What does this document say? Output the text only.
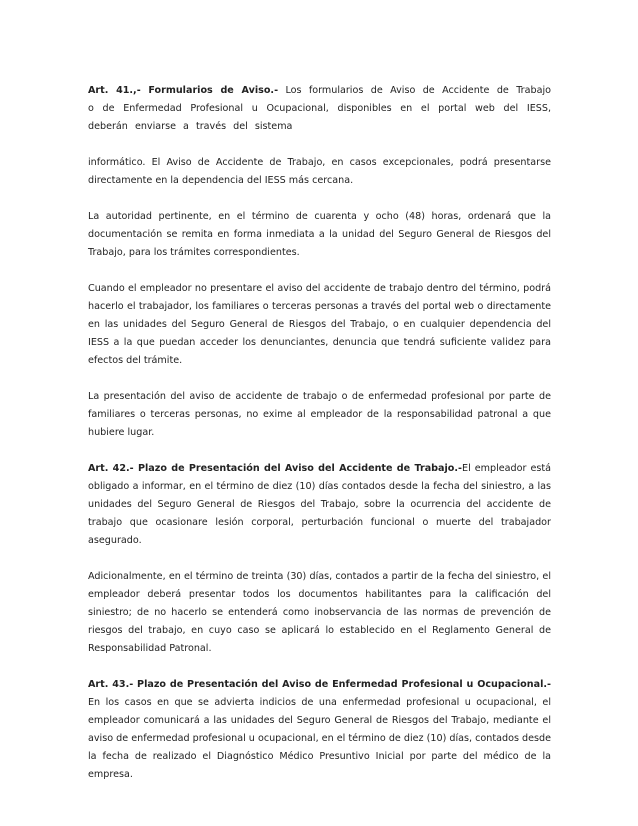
Art. 41.,- Formularios de Aviso.- Los formularios de Aviso de Accidente de Trabajo o de Enfermedad Profesional u Ocupacional, disponibles en el portal web del IESS, deberán enviarse a través del sistema

informático. El Aviso de Accidente de Trabajo, en casos excepcionales, podrá presentarse directamente en la dependencia del IESS más cercana.

La autoridad pertinente, en el término de cuarenta y ocho (48) horas, ordenará que la documentación se remita en forma inmediata a la unidad del Seguro General de Riesgos del Trabajo, para los trámites correspondientes.

Cuando el empleador no presentare el aviso del accidente de trabajo dentro del término, podrá hacerlo el trabajador, los familiares o terceras personas a través del portal web o directamente en las unidades del Seguro General de Riesgos del Trabajo, o en cualquier dependencia del IESS a la que puedan acceder los denunciantes, denuncia que tendrá suficiente validez para efectos del trámite.

La presentación del aviso de accidente de trabajo o de enfermedad profesional por parte de familiares o terceras personas, no exime al empleador de la responsabilidad patronal a que hubiere lugar.

Art. 42.- Plazo de Presentación del Aviso del Accidente de Trabajo.-El empleador está obligado a informar, en el término de diez (10) días contados desde la fecha del siniestro, a las unidades del Seguro General de Riesgos del Trabajo, sobre la ocurrencia del accidente de trabajo que ocasionare lesión corporal, perturbación funcional o muerte del trabajador asegurado.

Adicionalmente, en el término de treinta (30) días, contados a partir de la fecha del siniestro, el empleador deberá presentar todos los documentos habilitantes para la calificación del siniestro; de no hacerlo se entenderá como inobservancia de las normas de prevención de riesgos del trabajo, en cuyo caso se aplicará lo establecido en el Reglamento General de Responsabilidad Patronal.

Art. 43.- Plazo de Presentación del Aviso de Enfermedad Profesional u Ocupacional.- En los casos en que se advierta indicios de una enfermedad profesional u ocupacional, el empleador comunicará a las unidades del Seguro General de Riesgos del Trabajo, mediante el aviso de enfermedad profesional u ocupacional, en el término de diez (10) días, contados desde la fecha de realizado el Diagnóstico Médico Presuntivo Inicial por parte del médico de la empresa.
